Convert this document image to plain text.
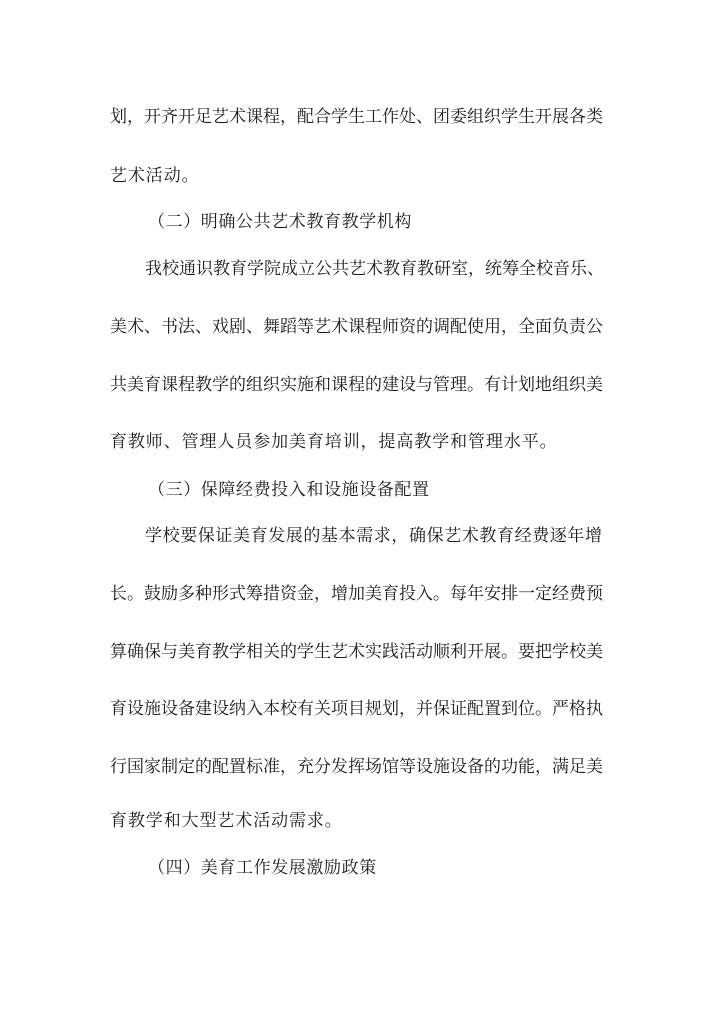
划，开齐开足艺术课程，配合学生工作处、团委组织学生开展各类
艺术活动。
（二）明确公共艺术教育教学机构
我校通识教育学院成立公共艺术教育教研室，统筹全校音乐、
美术、书法、戏剧、舞蹈等艺术课程师资的调配使用，全面负责公
共美育课程教学的组织实施和课程的建设与管理。有计划地组织美
育教师、管理人员参加美育培训，提高教学和管理水平。
（三）保障经费投入和设施设备配置
学校要保证美育发展的基本需求，确保艺术教育经费逐年增
长。鼓励多种形式筹措资金，增加美育投入。每年安排一定经费预
算确保与美育教学相关的学生艺术实践活动顺利开展。要把学校美
育设施设备建设纳入本校有关项目规划，并保证配置到位。严格执
行国家制定的配置标准，充分发挥场馆等设施设备的功能，满足美
育教学和大型艺术活动需求。
（四）美育工作发展激励政策
